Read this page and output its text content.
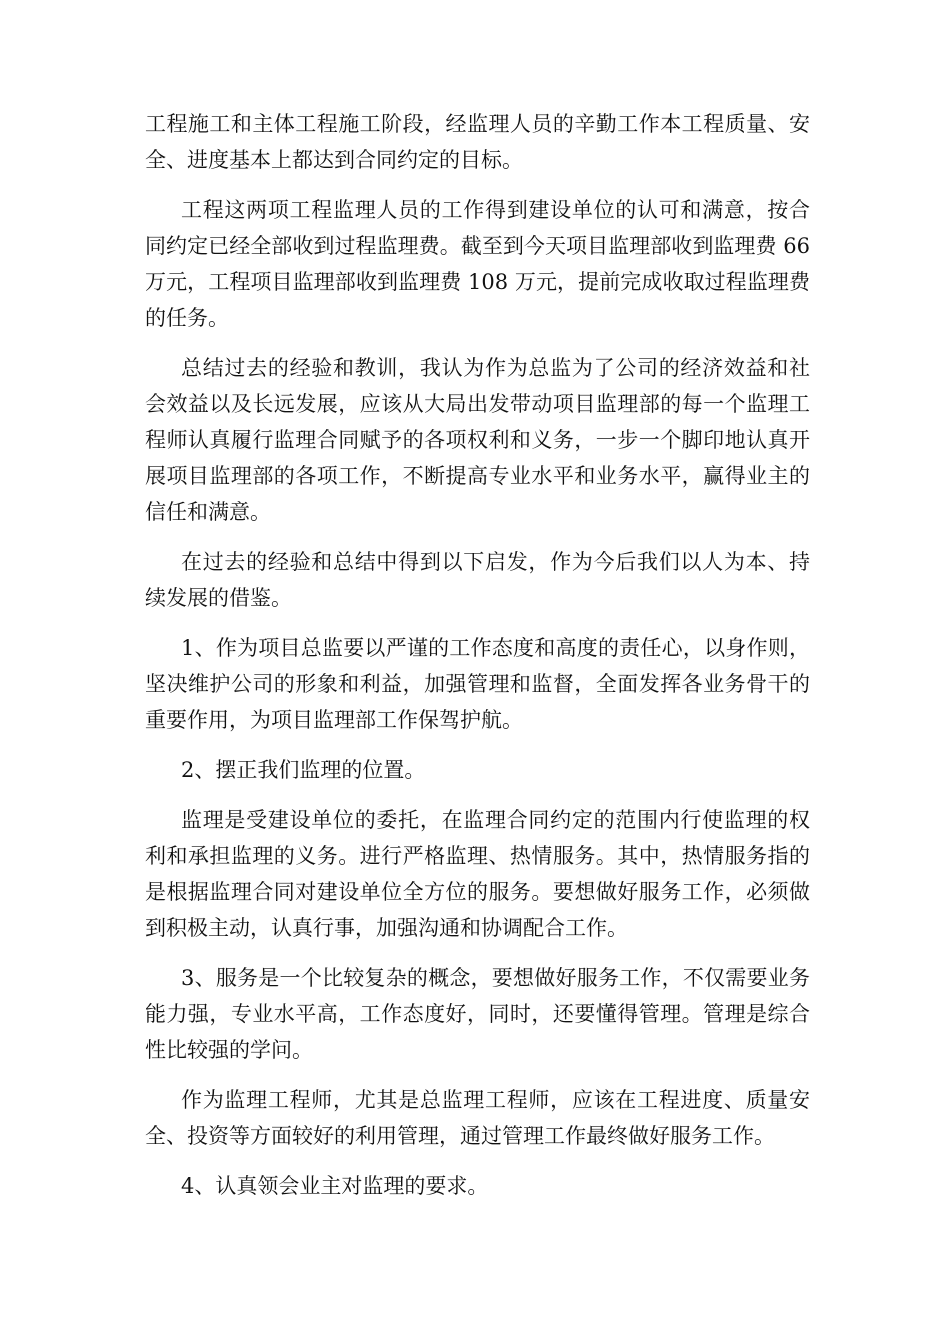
工程施工和主体工程施工阶段，经监理人员的辛勤工作本工程质量、安全、进度基本上都达到合同约定的目标。

工程这两项工程监理人员的工作得到建设单位的认可和满意，按合同约定已经全部收到过程监理费。截至到今天项目监理部收到监理费 66 万元，工程项目监理部收到监理费 108 万元，提前完成收取过程监理费的任务。

总结过去的经验和教训，我认为作为总监为了公司的经济效益和社会效益以及长远发展，应该从大局出发带动项目监理部的每一个监理工程师认真履行监理合同赋予的各项权利和义务，一步一个脚印地认真开展项目监理部的各项工作，不断提高专业水平和业务水平，赢得业主的信任和满意。

在过去的经验和总结中得到以下启发，作为今后我们以人为本、持续发展的借鉴。

1、作为项目总监要以严谨的工作态度和高度的责任心，以身作则，坚决维护公司的形象和利益，加强管理和监督，全面发挥各业务骨干的重要作用，为项目监理部工作保驾护航。

2、摆正我们监理的位置。

监理是受建设单位的委托，在监理合同约定的范围内行使监理的权利和承担监理的义务。进行严格监理、热情服务。其中，热情服务指的是根据监理合同对建设单位全方位的服务。要想做好服务工作，必须做到积极主动，认真行事，加强沟通和协调配合工作。

3、服务是一个比较复杂的概念，要想做好服务工作，不仅需要业务能力强，专业水平高，工作态度好，同时，还要懂得管理。管理是综合性比较强的学问。

作为监理工程师，尤其是总监理工程师，应该在工程进度、质量安全、投资等方面较好的利用管理，通过管理工作最终做好服务工作。

4、认真领会业主对监理的要求。
